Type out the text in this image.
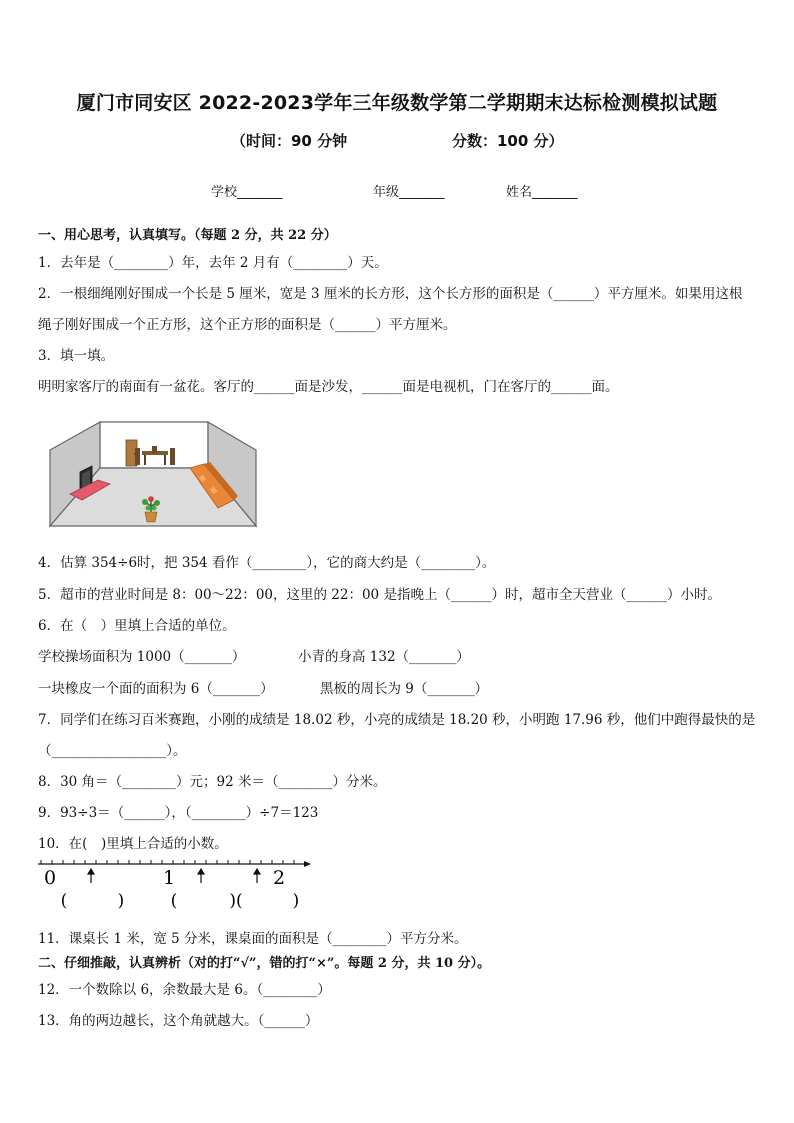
厦门市同安区 2022-2023学年三年级数学第二学期期末达标检测模拟试题
（时间：90 分钟	分数：100 分）
学校_______	年级_______	姓名_______
一、用心思考，认真填写。（每题 2 分，共 22 分）
1．去年是（________）年，去年 2 月有（________）天。
2．一根细绳刚好围成一个长是 5 厘米，宽是 3 厘米的长方形，这个长方形的面积是（______）平方厘米。如果用这根
绳子刚好围成一个正方形，这个正方形的面积是（______）平方厘米。
3．填一填。
明明家客厅的南面有一盆花。客厅的______面是沙发，______面是电视机，门在客厅的______面。
4．估算 354÷6时，把 354 看作（________），它的商大约是（________）。
5．超市的营业时间是 8：00～22：00，这里的 22：00 是指晚上（______）时，超市全天营业（______）小时。
6．在（　）里填上合适的单位。
学校操场面积为 1000（_______）	小青的身高 132（_______）
一块橡皮一个面的面积为 6（_______）	黑板的周长为 9（_______）
7．同学们在练习百米赛跑，小刚的成绩是 18.02 秒，小亮的成绩是 18.20 秒，小明跑 17.96 秒，他们中跑得最快的是
（_________________）。
8．30 角＝（________）元；92 米＝（________）分米。
9．93÷3＝（______），（________）÷7＝123
10．在(　)里填上合适的小数。
0	1	2
(	)	(	)(	)
11．课桌长 1 米，宽 5 分米，课桌面的面积是（________）平方分米。
二、仔细推敲，认真辨析（对的打“√”，错的打“×”。每题 2 分，共 10 分）。
12．一个数除以 6，余数最大是 6。（________）
13．角的两边越长，这个角就越大。（______）
